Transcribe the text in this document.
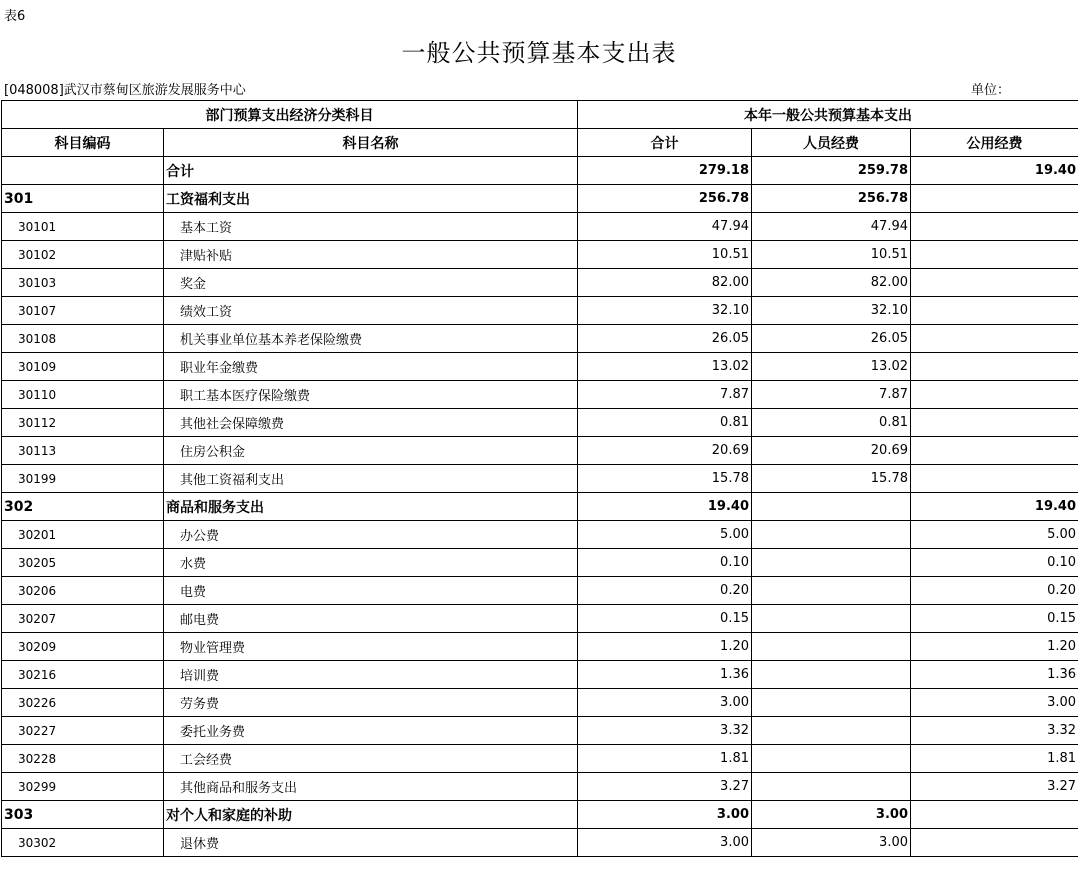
表6
一般公共预算基本支出表
[048008]武汉市蔡甸区旅游发展服务中心	单位：
部门预算支出经济分类科目		本年一般公共预算基本支出		
科目编码	科目名称	合计	人员经费	公用经费
	合计	279.18	259.78	19.40
301	工资福利支出	256.78	256.78	
30101	基本工资	47.94	47.94	
30102	津贴补贴	10.51	10.51	
30103	奖金	82.00	82.00	
30107	绩效工资	32.10	32.10	
30108	机关事业单位基本养老保险缴费	26.05	26.05	
30109	职业年金缴费	13.02	13.02	
30110	职工基本医疗保险缴费	7.87	7.87	
30112	其他社会保障缴费	0.81	0.81	
30113	住房公积金	20.69	20.69	
30199	其他工资福利支出	15.78	15.78	
302	商品和服务支出	19.40		19.40
30201	办公费	5.00		5.00
30205	水费	0.10		0.10
30206	电费	0.20		0.20
30207	邮电费	0.15		0.15
30209	物业管理费	1.20		1.20
30216	培训费	1.36		1.36
30226	劳务费	3.00		3.00
30227	委托业务费	3.32		3.32
30228	工会经费	1.81		1.81
30299	其他商品和服务支出	3.27		3.27
303	对个人和家庭的补助	3.00	3.00	
30302	退休费	3.00	3.00	
